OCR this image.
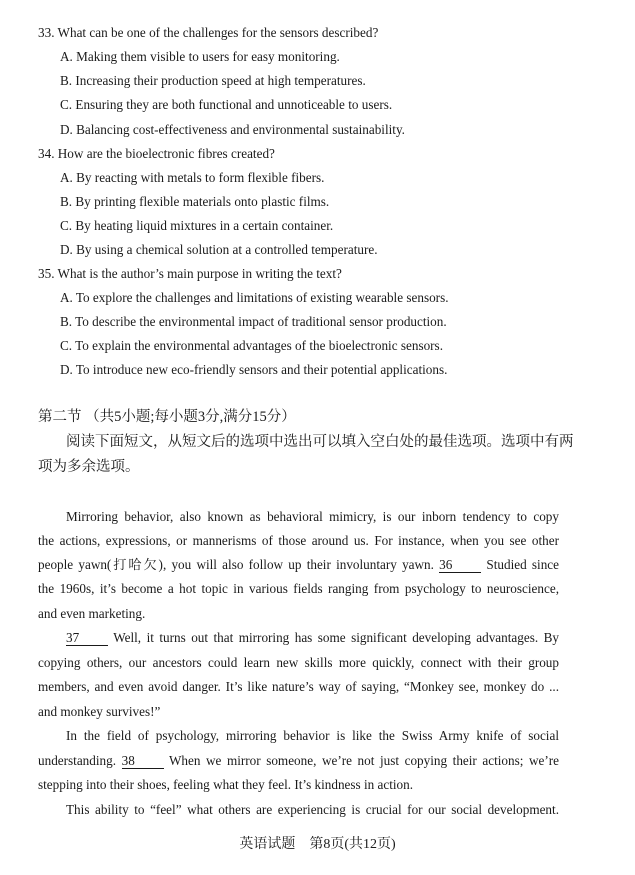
33. What can be one of the challenges for the sensors described?
A. Making them visible to users for easy monitoring.
B. Increasing their production speed at high temperatures.
C. Ensuring they are both functional and unnoticeable to users.
D. Balancing cost-effectiveness and environmental sustainability.
34. How are the bioelectronic fibres created?
A. By reacting with metals to form flexible fibers.
B. By printing flexible materials onto plastic films.
C. By heating liquid mixtures in a certain container.
D. By using a chemical solution at a controlled temperature.
35. What is the author’s main purpose in writing the text?
A. To explore the challenges and limitations of existing wearable sensors.
B. To describe the environmental impact of traditional sensor production.
C. To explain the environmental advantages of the bioelectronic sensors.
D. To introduce new eco-friendly sensors and their potential applications.
第二节 （共5小题;每小题3分,满分15分）
阅读下面短文，从短文后的选项中选出可以填入空白处的最佳选项。选项中有两
项为多余选项。
Mirroring behavior, also known as behavioral mimicry, is our inborn tendency to copy
the actions, expressions, or mannerisms of those around us. For instance, when you see other
people yawn(打哈欠), you will also follow up their involuntary yawn. 36	Studied since
the 1960s, it’s become a hot topic in various fields ranging from psychology to neuroscience,
and even marketing.
37	Well, it turns out that mirroring has some significant developing advantages. By
copying others, our ancestors could learn new skills more quickly, connect with their group
members, and even avoid danger. It’s like nature’s way of saying, “Monkey see, monkey do ...
and monkey survives!”
In the field of psychology, mirroring behavior is like the Swiss Army knife of social
understanding. 38	When we mirror someone, we’re not just copying their actions; we’re
stepping into their shoes, feeling what they feel. It’s kindness in action.
This ability to “feel” what others are experiencing is crucial for our social development.
英语试题　第8页(共12页)
